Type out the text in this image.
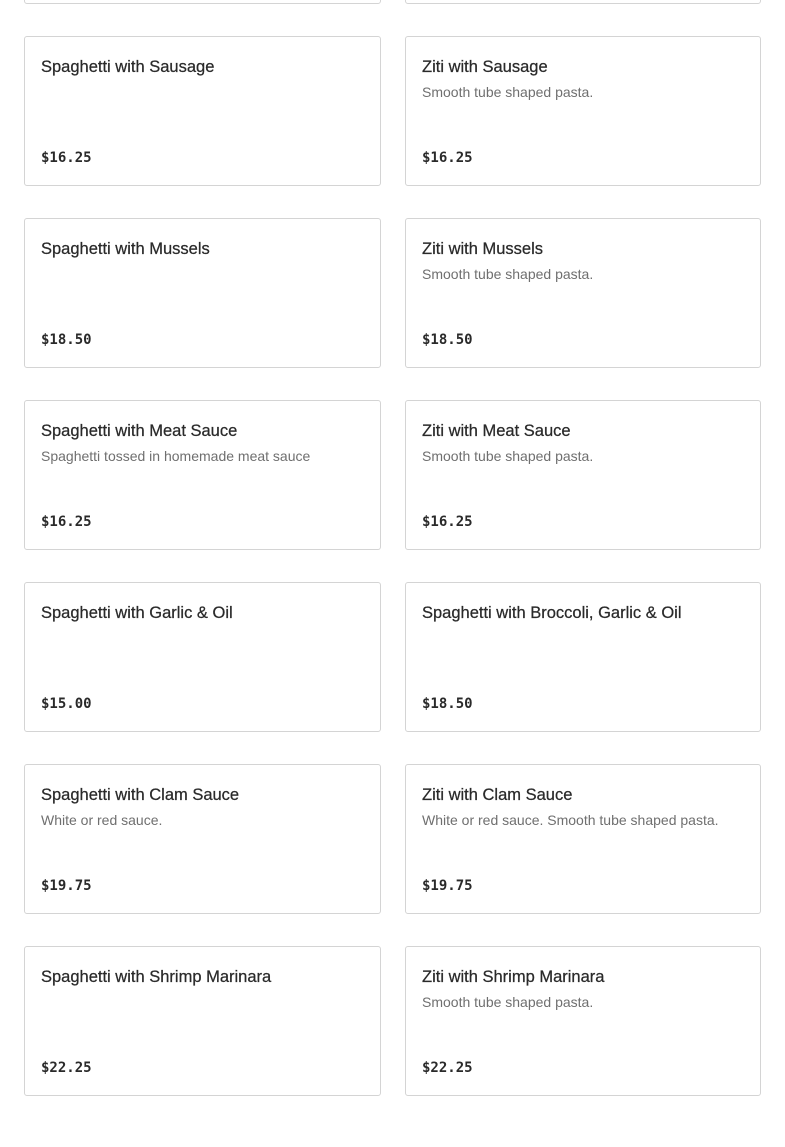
Spaghetti with Sausage
$16.25
Ziti with Sausage
Smooth tube shaped pasta.
$16.25
Spaghetti with Mussels
$18.50
Ziti with Mussels
Smooth tube shaped pasta.
$18.50
Spaghetti with Meat Sauce
Spaghetti tossed in homemade meat sauce
$16.25
Ziti with Meat Sauce
Smooth tube shaped pasta.
$16.25
Spaghetti with Garlic & Oil
$15.00
Spaghetti with Broccoli, Garlic & Oil
$18.50
Spaghetti with Clam Sauce
White or red sauce.
$19.75
Ziti with Clam Sauce
White or red sauce. Smooth tube shaped pasta.
$19.75
Spaghetti with Shrimp Marinara
$22.25
Ziti with Shrimp Marinara
Smooth tube shaped pasta.
$22.25
